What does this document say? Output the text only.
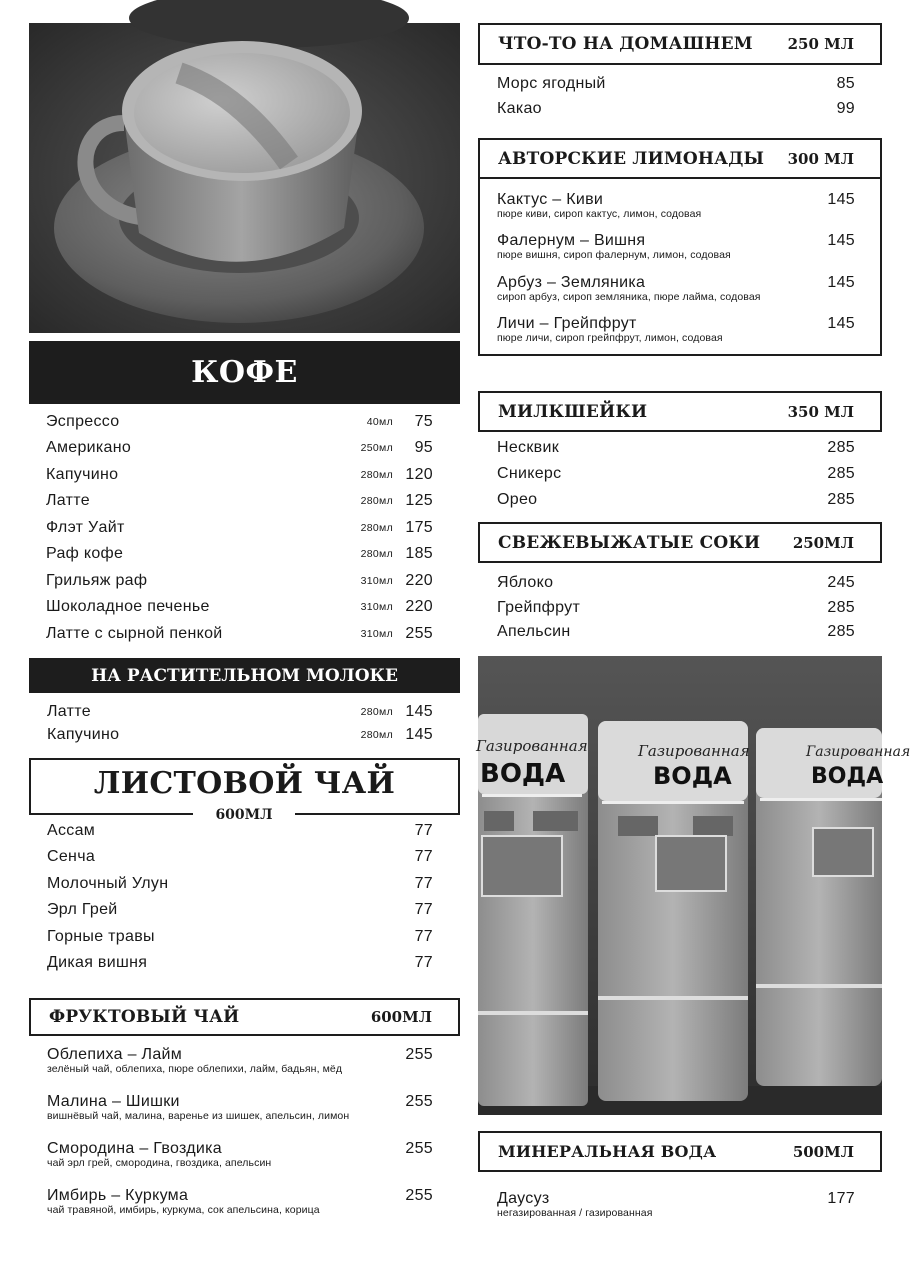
КОФЕ
Эспрессо	40мл	75
Американо	250мл	95
Капучино	280мл 120
Латте	280мл 125
Флэт Уайт	280мл 175
Раф кофе	280мл 185
Грильяж раф	310мл 220
Шоколадное печенье	310мл 220
Латте с сырной пенкой	310мл 255
НА РАСТИТЕЛЬНОМ МОЛОКЕ
Латте	280мл 145
Капучино	280мл 145
ЛИСТОВОЙ ЧАЙ
600МЛ
Ассам	77
Сенча	77
Молочный Улун	77
Эрл Грей	77
Горные травы	77
Дикая вишня	77
ФРУКТОВЫЙ ЧАЙ	600МЛ
Облепиха – Лайм	255
зелёный чай, облепиха, пюре облепихи, лайм, бадьян, мёд
Малина – Шишки	255
вишнёвый чай, малина, варенье из шишек, апельсин, лимон
Смородина – Гвоздика	255
чай эрл грей, смородина, гвоздика, апельсин
Имбирь – Куркума	255
чай травяной, имбирь, куркума, сок апельсина, корица
ЧТО-ТО НА ДОМАШНЕМ 250 МЛ
Морс ягодный	85
Какао	99
АВТОРСКИЕ ЛИМОНАДЫ 300 МЛ
Кактус – Киви	145
пюре киви, сироп кактус, лимон, содовая
Фалернум – Вишня	145
пюре вишня, сироп фалернум, лимон, содовая
Арбуз – Земляника	145
сироп арбуз, сироп земляника, пюре лайма, содовая
Личи – Грейпфрут	145
пюре личи, сироп грейпфрут, лимон, содовая
МИЛКШЕЙКИ	350 МЛ
Несквик	285
Сникерс	285
Орео	285
СВЕЖЕВЫЖАТЫЕ СОКИ 250МЛ
Яблоко	245
Грейпфрут	285
Апельсин	285
Газированная
ВОДА
Газированная
ВОДА
Газированная
ВОДА
МИНЕРАЛЬНАЯ ВОДА	500МЛ
Даусуз	177
негазированная / газированная
